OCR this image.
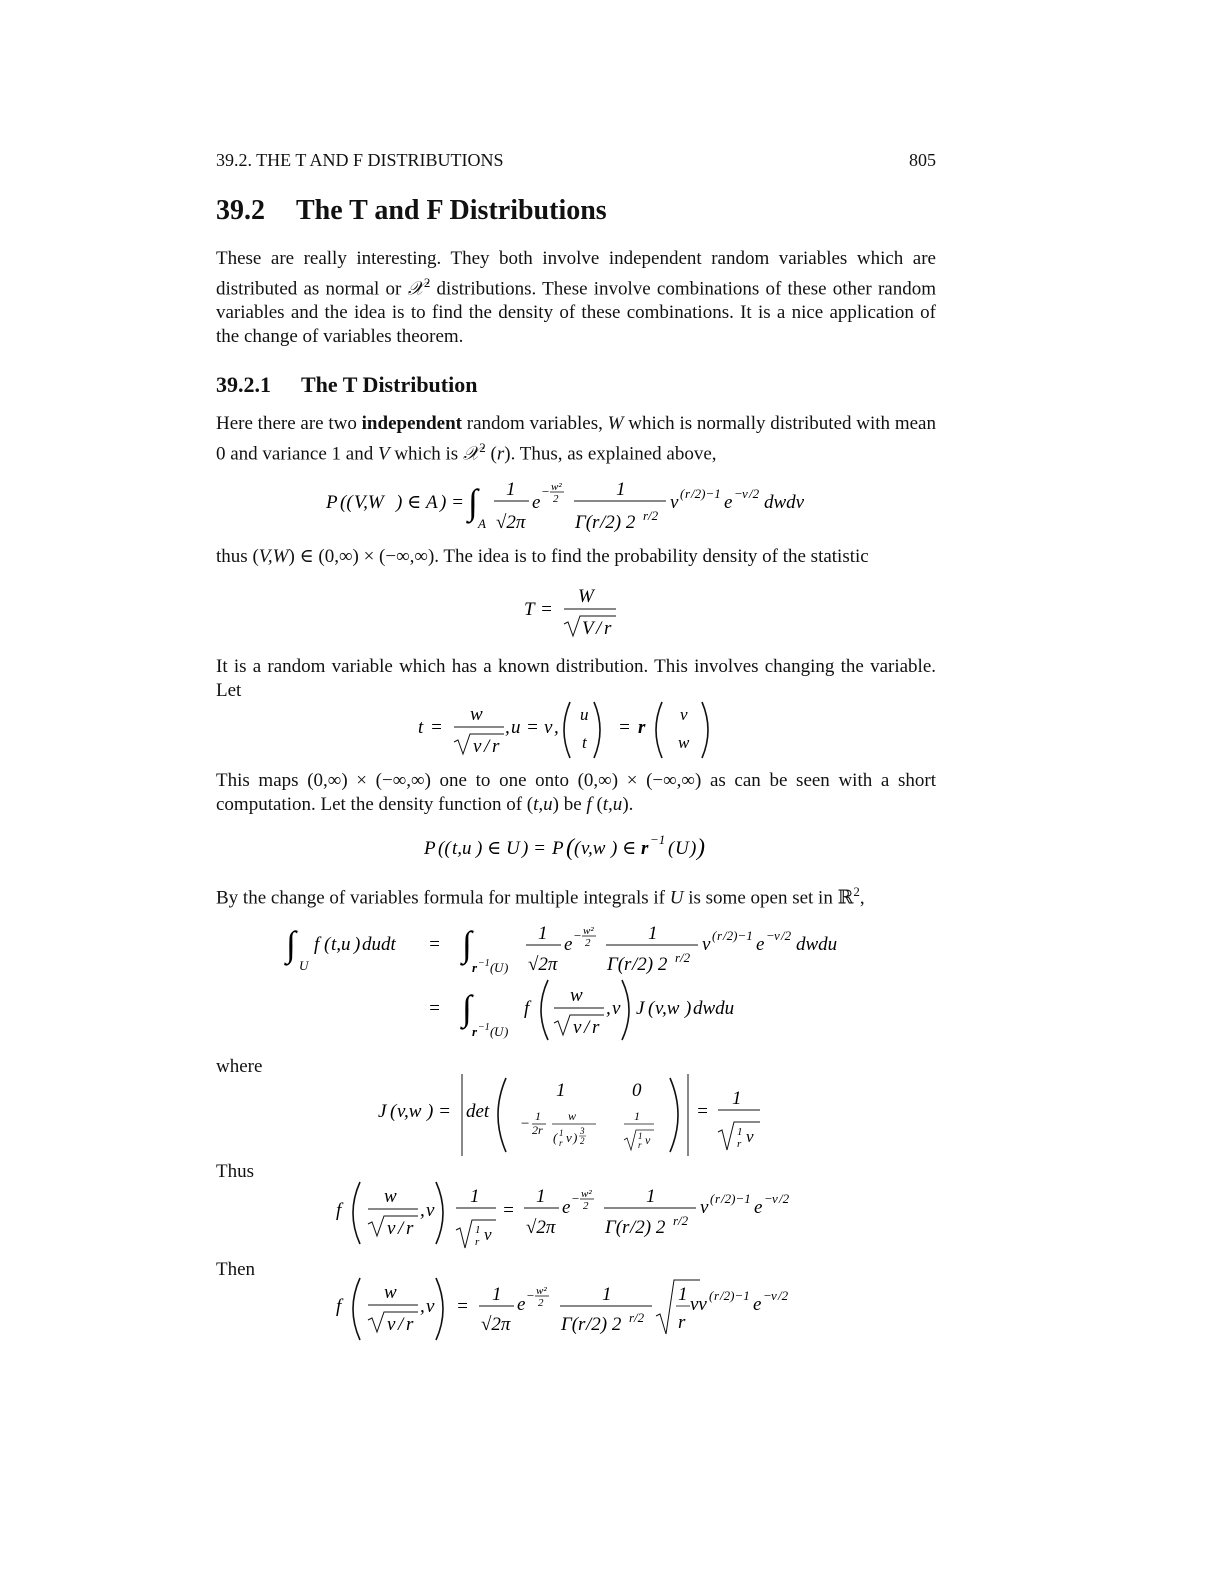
39.2. THE T AND F DISTRIBUTIONS	805
39.2 The T and F Distributions

These are really interesting. They both involve independent random variables which are distributed as normal or 𝒳$^2$ distributions. These involve combinations of these other random variables and the idea is to find the density of these combinations. It is a nice application of the change of variables theorem.

39.2.1 The T Distribution

Here there are two independent random variables, W which is normally distributed with mean 0 and variance 1 and V which is 𝒳$^2$ (r). Thus, as explained above,

P (( V,W ) ∈ A ) = ∫
A
1
√2π
e
− w²
2	1
Γ( r /2) 2 r/2
v ( r /2)−1 e − v /2 dwdv

thus (V,W) ∈ (0,∞) × (−∞,∞). The idea is to find the probability density of the statistic

T =
W
V / r

It is a random variable which has a known distribution. This involves changing the variable. Let

t =
w
v / r
, u = v ,
u
t
= r
v
w

This maps (0,∞) × (−∞,∞) one to one onto (0,∞) × (−∞,∞) as can be seen with a short computation. Let the density function of (t,u) be f (t,u).

P (( t,u ) ∈ U ) = P ( ( v,w ) ∈ r −1 ( U ) )

By the change of variables formula for multiple integrals if U is some open set in ℝ$^2$,

∫
U
f ( t,u ) dudt = ∫
r −1 ( U )
1
√2π
e − w²
2	1
Γ( r /2) 2 r/2
v ( r /2)−1 e − v /2 dwdu
= ∫
r −1 ( U )
f
w
v / r
, v J ( v,w ) dwdu
where
J ( v,w ) = det
1	0
− 1
2 r
w
( 1
r v ) 3
2
1
1
r v
=
1
1
r v
Thus
f
w
v / r
, v
1
1
r v
=
1
√2π
e − w²
2	1
Γ( r /2) 2 r/2
v ( r /2)−1 e − v /2
Then
f
w
v / r
, v =
1
√2π
e − w²
2	1
Γ( r /2) 2 r/2
1
r
vv ( r /2)−1 e − v /2
